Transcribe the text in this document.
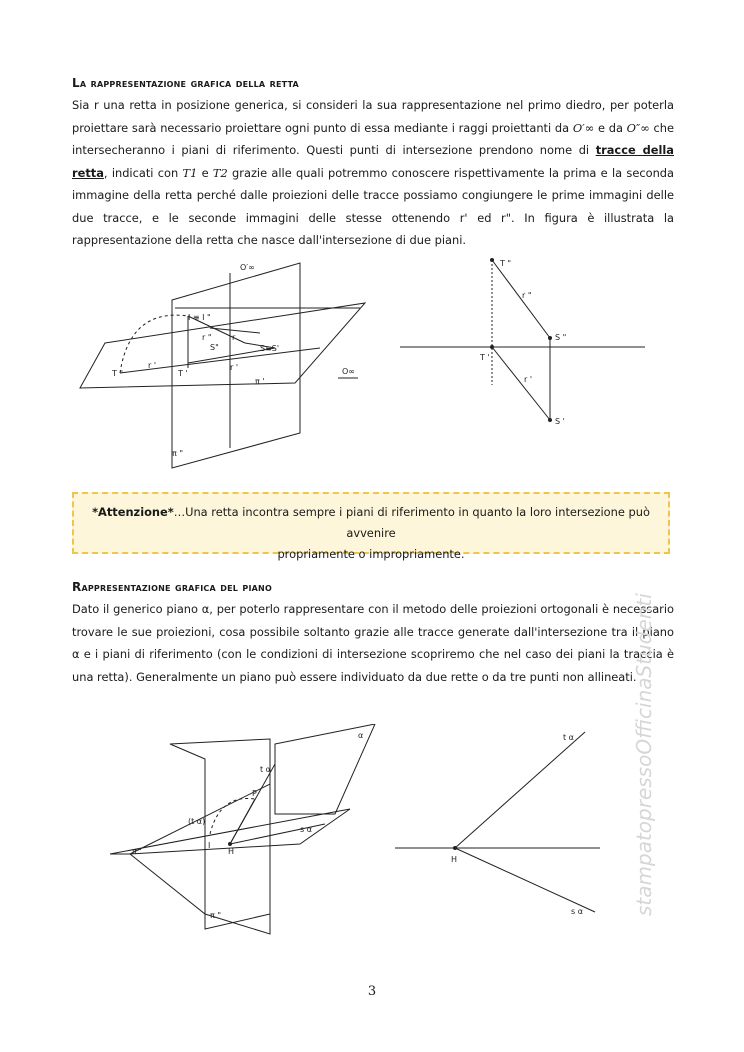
La rappresentazione grafica della retta
Sia r una retta in posizione generica, si consideri la sua rappresentazione nel primo diedro, per poterla proiettare sarà necessario proiettare ogni punto di essa mediante i raggi proiettanti da O′∞ e da O″∞ che intersecheranno i piani di riferimento. Questi punti di intersezione prendono nome di tracce della retta, indicati con T1 e T2 grazie alle quali potremmo conoscere rispettivamente la prima e la seconda immagine della retta perché dalle proiezioni delle tracce possiamo congiungere le prime immagini delle due tracce, e le seconde immagini delle stesse ottenendo r' ed r". In figura è illustrata la rappresentazione della retta che nasce dall'intersezione di due piani.
O′∞
I ≡ I "
r "
S"
r
S≡S'
T "
r '
T '
r '
π '
π "
O∞
T "
r "
S "
T '
r '
S '
*Attenzione*…Una retta incontra sempre i piani di riferimento in quanto la loro intersezione può avvenire
propriamente o impropriamente.
Rappresentazione grafica del piano
Dato il generico piano α, per poterlo rappresentare con il metodo delle proiezioni ortogonali è necessario trovare le sue proiezioni, cosa possibile soltanto grazie alle tracce generate dall'intersezione tra il piano α e i piani di riferimento (con le condizioni di intersezione scopriremo che nel caso dei piani la traccia è una retta). Generalmente un piano può essere individuato da due rette o da tre punti non allineati.
α
t α
P
(t α)
s α
I
H
π '
π "
t α
H
s α stampatopressoOfficinaStudenti
3
